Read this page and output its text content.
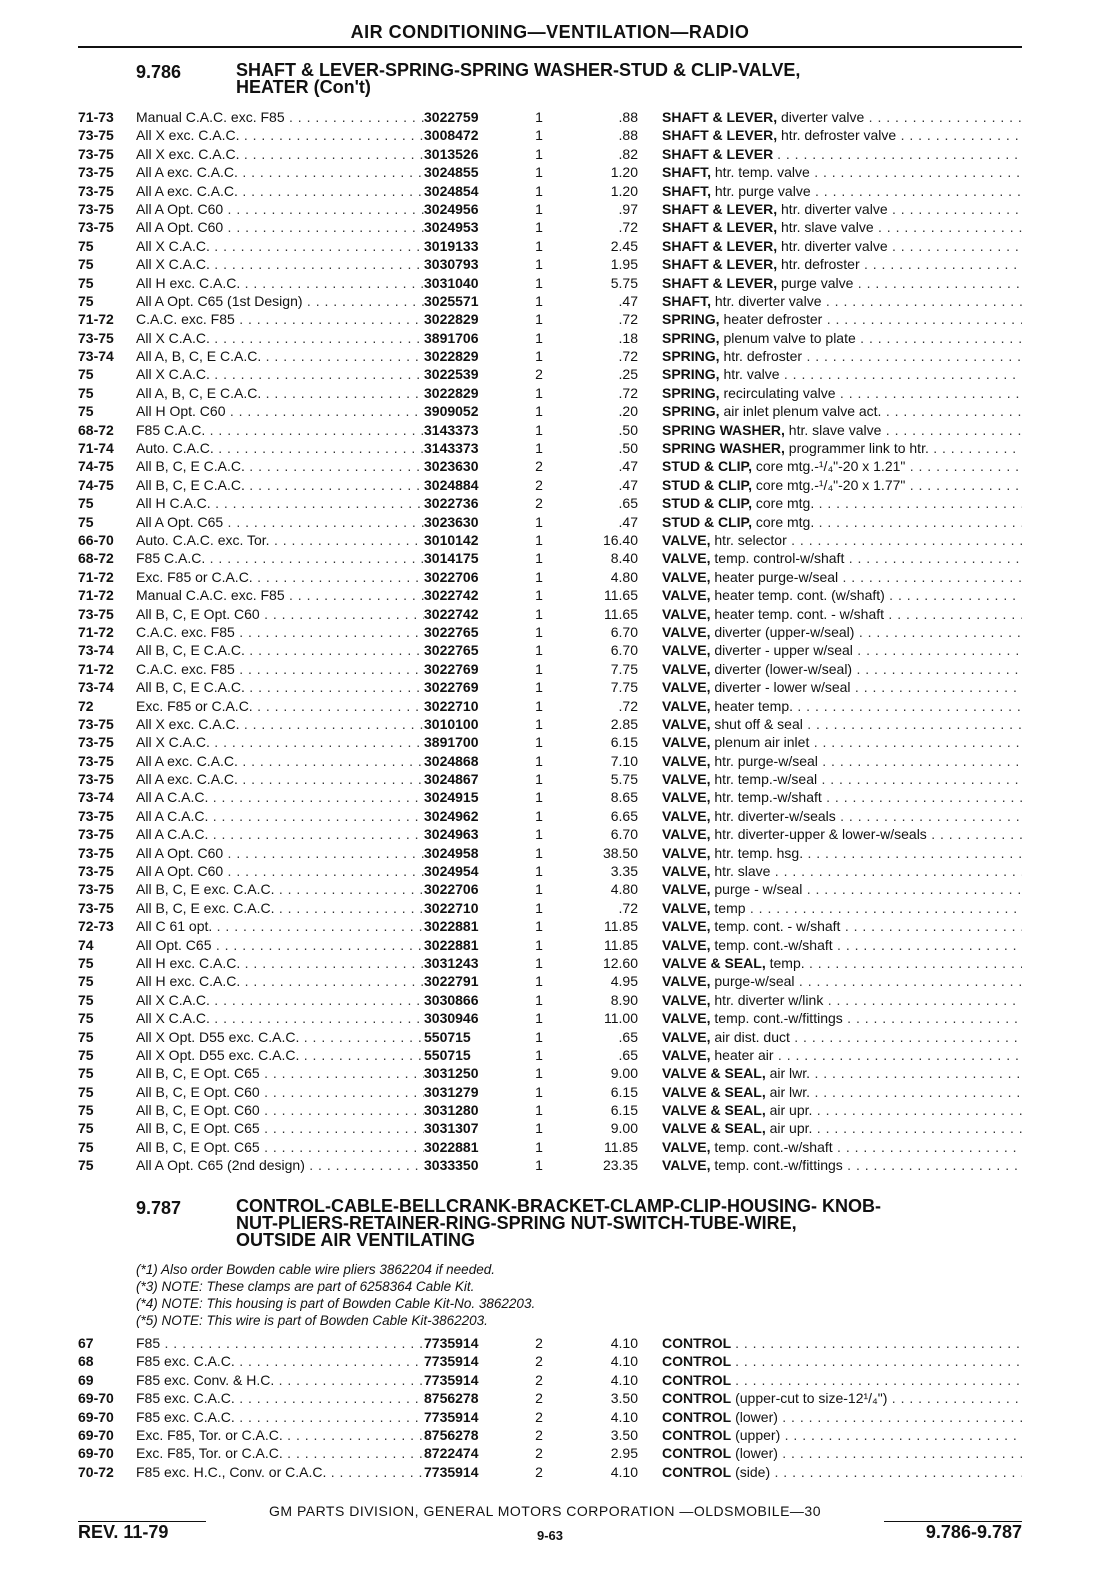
AIR CONDITIONING—VENTILATION—RADIO
9.786	SHAFT & LEVER-SPRING-SPRING WASHER-STUD & CLIP-VALVE,
HEATER (Con't)
71-73	Manual C.A.C. exc. F85 . . .	3022759	1	.88 SHAFT & LEVER, diverter valve . . .
73-75	All X exc. C.A.C. . . .	3008472	1	.88 SHAFT & LEVER, htr. defroster valve . . .
73-75	All X exc. C.A.C. . . .	3013526	1	.82 SHAFT & LEVER . . .
73-75	All A exc. C.A.C. . . .	3024855	1	1.20 SHAFT, htr. temp. valve . . .
73-75	All A exc. C.A.C. . . .	3024854	1	1.20 SHAFT, htr. purge valve . . .
73-75	All A Opt. C60 . . .	3024956	1	.97 SHAFT & LEVER, htr. diverter valve . . .
73-75	All A Opt. C60 . . .	3024953	1	.72 SHAFT & LEVER, htr. slave valve . . .
75	All X C.A.C. . . .	3019133	1	2.45 SHAFT & LEVER, htr. diverter valve . . .
75	All X C.A.C. . . .	3030793	1	1.95 SHAFT & LEVER, htr. defroster . . .
75	All H exc. C.A.C. . . .	3031040	1	5.75 SHAFT & LEVER, purge valve . . .
75	All A Opt. C65 (1st Design) . . .	3025571	1	.47 SHAFT, htr. diverter valve . . .
71-72	C.A.C. exc. F85 . . .	3022829	1	.72 SPRING, heater defroster . . .
73-75	All X C.A.C. . . .	3891706	1	.18 SPRING, plenum valve to plate . . .
73-74	All A, B, C, E C.A.C. . . .	3022829	1	.72 SPRING, htr. defroster . . .
75	All X C.A.C. . . .	3022539	2	.25 SPRING, htr. valve . . .
75	All A, B, C, E C.A.C. . . .	3022829	1	.72 SPRING, recirculating valve . . .
75	All H Opt. C60 . . .	3909052	1	.20 SPRING, air inlet plenum valve act. . . .
68-72	F85 C.A.C. . . .	3143373	1	.50 SPRING WASHER, htr. slave valve . . .
71-74	Auto. C.A.C. . . .	3143373	1	.50 SPRING WASHER, programmer link to htr. . . .
74-75	All B, C, E C.A.C. . . .	3023630	2	.47 STUD & CLIP, core mtg.-¹/₄"-20 x 1.21" . . .
74-75	All B, C, E C.A.C. . . .	3024884	2	.47 STUD & CLIP, core mtg.-¹/₄"-20 x 1.77" . . .
75	All H C.A.C. . . .	3022736	2	.65 STUD & CLIP, core mtg. . . .
75	All A Opt. C65 . . .	3023630	1	.47 STUD & CLIP, core mtg. . . .
66-70	Auto. C.A.C. exc. Tor. . . .	3010142	1	16.40 VALVE, htr. selector . . .
68-72	F85 C.A.C. . . .	3014175	1	8.40 VALVE, temp. control-w/shaft . . .
71-72	Exc. F85 or C.A.C. . . .	3022706	1	4.80 VALVE, heater purge-w/seal . . .
71-72	Manual C.A.C. exc. F85 . . .	3022742	1	11.65 VALVE, heater temp. cont. (w/shaft) . . .
73-75	All B, C, E Opt. C60 . . .	3022742	1	11.65 VALVE, heater temp. cont. - w/shaft . . .
71-72	C.A.C. exc. F85 . . .	3022765	1	6.70 VALVE, diverter (upper-w/seal) . . .
73-74	All B, C, E C.A.C. . . .	3022765	1	6.70 VALVE, diverter - upper w/seal . . .
71-72	C.A.C. exc. F85 . . .	3022769	1	7.75 VALVE, diverter (lower-w/seal) . . .
73-74	All B, C, E C.A.C. . . .	3022769	1	7.75 VALVE, diverter - lower w/seal . . .
72	Exc. F85 or C.A.C. . . .	3022710	1	.72 VALVE, heater temp. . . .
73-75	All X exc. C.A.C. . . .	3010100	1	2.85 VALVE, shut off & seal . . .
73-75	All X C.A.C. . . .	3891700	1	6.15 VALVE, plenum air inlet . . .
73-75	All A exc. C.A.C. . . .	3024868	1	7.10 VALVE, htr. purge-w/seal . . .
73-75	All A exc. C.A.C. . . .	3024867	1	5.75 VALVE, htr. temp.-w/seal . . .
73-74	All A C.A.C. . . .	3024915	1	8.65 VALVE, htr. temp.-w/shaft . . .
73-75	All A C.A.C. . . .	3024962	1	6.65 VALVE, htr. diverter-w/seals . . .
73-75	All A C.A.C. . . .	3024963	1	6.70 VALVE, htr. diverter-upper & lower-w/seals . . .
73-75	All A Opt. C60 . . .	3024958	1	38.50 VALVE, htr. temp. hsg. . . .
73-75	All A Opt. C60 . . .	3024954	1	3.35 VALVE, htr. slave . . .
73-75	All B, C, E exc. C.A.C. . . .	3022706	1	4.80 VALVE, purge - w/seal . . .
73-75	All B, C, E exc. C.A.C. . . .	3022710	1	.72 VALVE, temp . . .
72-73	All C 61 opt. . . .	3022881	1	11.85 VALVE, temp. cont. - w/shaft . . .
74	All Opt. C65 . . .	3022881	1	11.85 VALVE, temp. cont.-w/shaft . . .
75	All H exc. C.A.C. . . .	3031243	1	12.60 VALVE & SEAL, temp. . . .
75	All H exc. C.A.C. . . .	3022791	1	4.95 VALVE, purge-w/seal . . .
75	All X C.A.C. . . .	3030866	1	8.90 VALVE, htr. diverter w/link . . .
75	All X C.A.C. . . .	3030946	1	11.00 VALVE, temp. cont.-w/fittings . . .
75	All X Opt. D55 exc. C.A.C. . . .	550715	1	.65 VALVE, air dist. duct . . .
75	All X Opt. D55 exc. C.A.C. . . .	550715	1	.65 VALVE, heater air . . .
75	All B, C, E Opt. C65 . . .	3031250	1	9.00 VALVE & SEAL, air lwr. . . .
75	All B, C, E Opt. C60 . . .	3031279	1	6.15 VALVE & SEAL, air lwr. . . .
75	All B, C, E Opt. C60 . . .	3031280	1	6.15 VALVE & SEAL, air upr. . . .
75	All B, C, E Opt. C65 . . .	3031307	1	9.00 VALVE & SEAL, air upr. . . .
75	All B, C, E Opt. C65 . . .	3022881	1	11.85 VALVE, temp. cont.-w/shaft . . .
75	All A Opt. C65 (2nd design) . . .	3033350	1	23.35 VALVE, temp. cont.-w/fittings . . .
9.787	CONTROL-CABLE-BELLCRANK-BRACKET-CLAMP-CLIP-HOUSING- KNOB-
NUT-PLIERS-RETAINER-RING-SPRING NUT-SWITCH-TUBE-WIRE,
OUTSIDE AIR VENTILATING
(*1) Also order Bowden cable wire pliers 3862204 if needed.
(*3) NOTE: These clamps are part of 6258364 Cable Kit.
(*4) NOTE: This housing is part of Bowden Cable Kit-No. 3862203.
(*5) NOTE: This wire is part of Bowden Cable Kit-3862203.
67	F85 . . .	7735914	2	4.10 CONTROL . . .
68	F85 exc. C.A.C. . . .	7735914	2	4.10 CONTROL . . .
69	F85 exc. Conv. & H.C. . . .	7735914	2	4.10 CONTROL . . .
69-70	F85 exc. C.A.C. . . .	8756278	2	3.50 CONTROL (upper-cut to size-12¹/₄") . . .
69-70	F85 exc. C.A.C. . . .	7735914	2	4.10 CONTROL (lower) . . .
69-70	Exc. F85, Tor. or C.A.C. . . .	8756278	2	3.50 CONTROL (upper) . . .
69-70	Exc. F85, Tor. or C.A.C. . . .	8722474	2	2.95 CONTROL (lower) . . .
70-72	F85 exc. H.C., Conv. or C.A.C. . . .	7735914	2	4.10 CONTROL (side) . . .
GM PARTS DIVISION, GENERAL MOTORS CORPORATION —OLDSMOBILE—30
REV. 11-79	9-63	9.786-9.787
